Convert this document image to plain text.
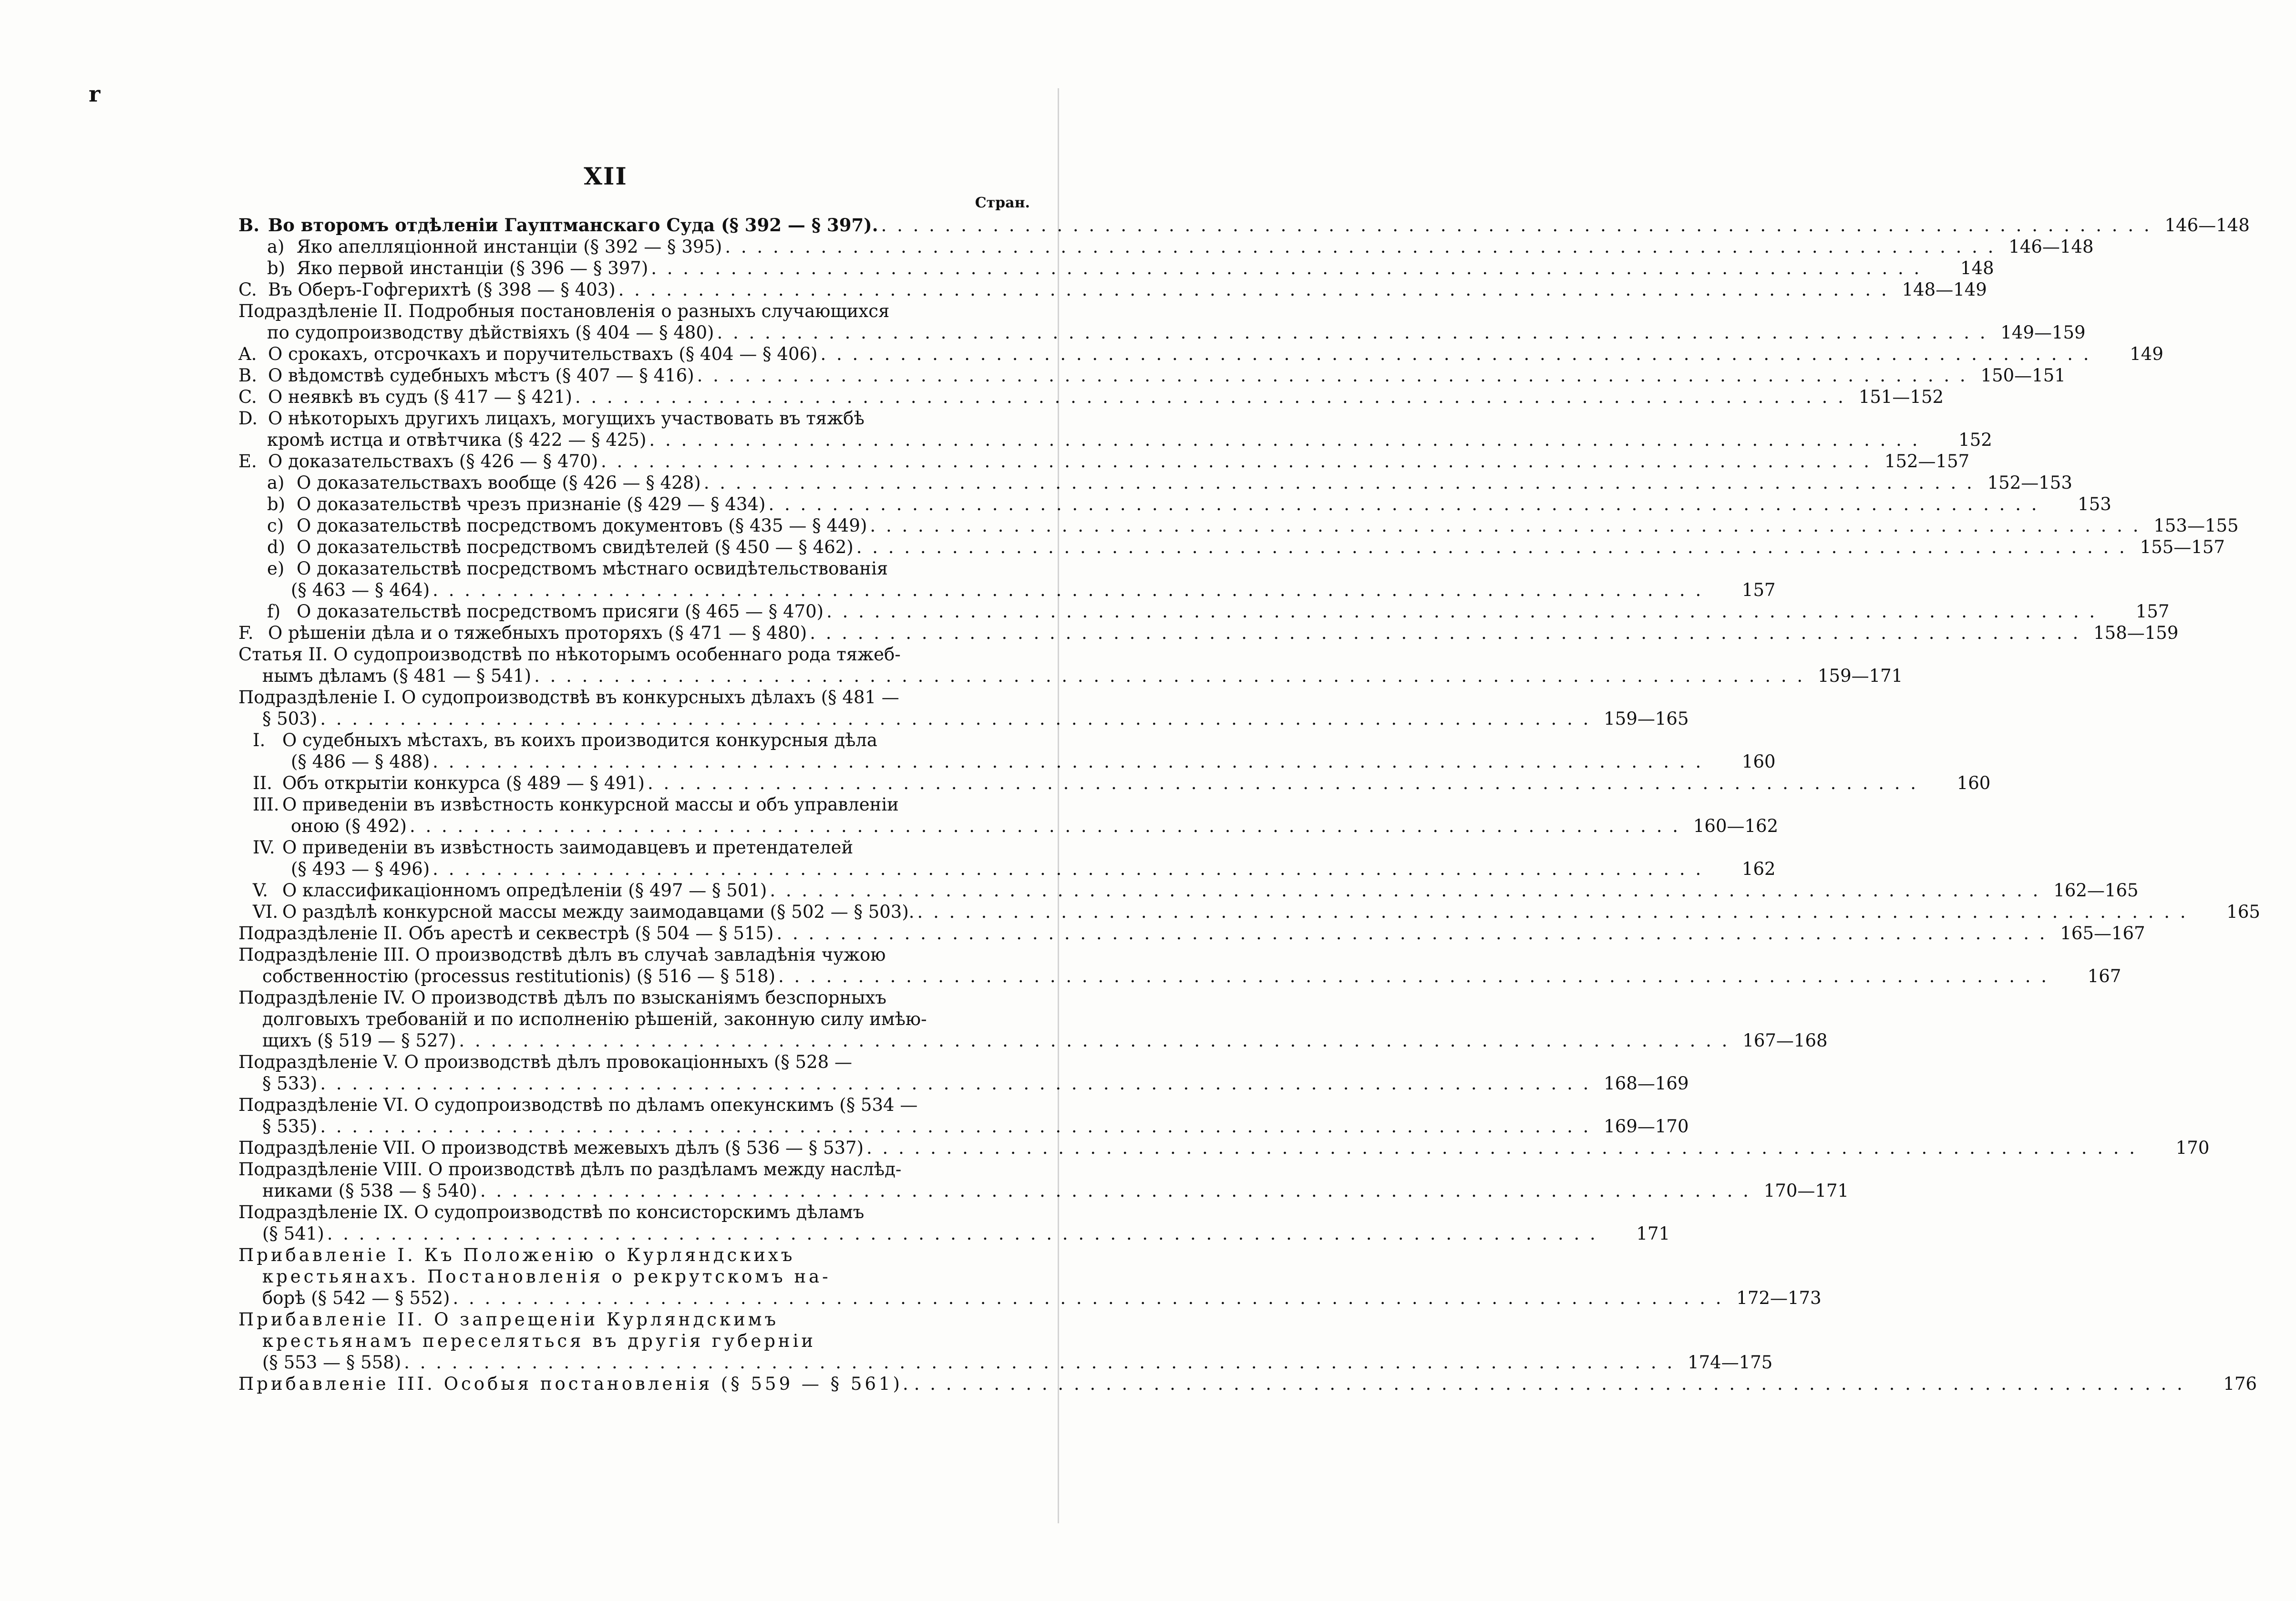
r
XII
Стран.
B. Во второмъ отдѣленіи Гауптманскаго Суда (§ 392 — § 397). . . . . . . . . . . . . . . . . . . . . . . . . . . . . . . . . . . . . . . . . . . . . . . . . . . . . . . . . . . . . . . . . . . . . . . . . . . . . . . . . 146—148
a) Яко апелляціонной инстанціи (§ 392 — § 395) . . . . . . . . . . . . . . . . . . . . . . . . . . . . . . . . . . . . . . . . . . . . . . . . . . . . . . . . . . . . . . . . . . . . . . . . . . . . . . . . 146—148
b) Яко первой инстанціи (§ 396 — § 397) . . . . . . . . . . . . . . . . . . . . . . . . . . . . . . . . . . . . . . . . . . . . . . . . . . . . . . . . . . . . . . . . . . . . . . . . . . . . . . . .	148
C. Въ Оберъ-Гофгерихтѣ (§ 398 — § 403) . . . . . . . . . . . . . . . . . . . . . . . . . . . . . . . . . . . . . . . . . . . . . . . . . . . . . . . . . . . . . . . . . . . . . . . . . . . . . . . . 148—149
Подраздѣленіе II. Подробныя постановленія о разныхъ случающихся
по судопроизводству дѣйствіяхъ (§ 404 — § 480) . . . . . . . . . . . . . . . . . . . . . . . . . . . . . . . . . . . . . . . . . . . . . . . . . . . . . . . . . . . . . . . . . . . . . . . . . . . . . . . . 149—159
A. О срокахъ, отсрочкахъ и поручительствахъ (§ 404 — § 406) . . . . . . . . . . . . . . . . . . . . . . . . . . . . . . . . . . . . . . . . . . . . . . . . . . . . . . . . . . . . . . . . . . . . . . . . . . . . . . . .	149
B. О вѣдомствѣ судебныхъ мѣстъ (§ 407 — § 416) . . . . . . . . . . . . . . . . . . . . . . . . . . . . . . . . . . . . . . . . . . . . . . . . . . . . . . . . . . . . . . . . . . . . . . . . . . . . . . . . 150—151
C. О неявкѣ въ судъ (§ 417 — § 421) . . . . . . . . . . . . . . . . . . . . . . . . . . . . . . . . . . . . . . . . . . . . . . . . . . . . . . . . . . . . . . . . . . . . . . . . . . . . . . . . 151—152
D. О нѣкоторыхъ другихъ лицахъ, могущихъ участвовать въ тяжбѣ
кромѣ истца и отвѣтчика (§ 422 — § 425) . . . . . . . . . . . . . . . . . . . . . . . . . . . . . . . . . . . . . . . . . . . . . . . . . . . . . . . . . . . . . . . . . . . . . . . . . . . . . . . .	152
E. О доказательствахъ (§ 426 — § 470) . . . . . . . . . . . . . . . . . . . . . . . . . . . . . . . . . . . . . . . . . . . . . . . . . . . . . . . . . . . . . . . . . . . . . . . . . . . . . . . . 152—157
a) О доказательствахъ вообще (§ 426 — § 428) . . . . . . . . . . . . . . . . . . . . . . . . . . . . . . . . . . . . . . . . . . . . . . . . . . . . . . . . . . . . . . . . . . . . . . . . . . . . . . . . 152—153
b) О доказательствѣ чрезъ признаніе (§ 429 — § 434) . . . . . . . . . . . . . . . . . . . . . . . . . . . . . . . . . . . . . . . . . . . . . . . . . . . . . . . . . . . . . . . . . . . . . . . . . . . . . . . .	153
c) О доказательствѣ посредствомъ документовъ (§ 435 — § 449) . . . . . . . . . . . . . . . . . . . . . . . . . . . . . . . . . . . . . . . . . . . . . . . . . . . . . . . . . . . . . . . . . . . . . . . . . . . . . . . . 153—155
d) О доказательствѣ посредствомъ свидѣтелей (§ 450 — § 462) . . . . . . . . . . . . . . . . . . . . . . . . . . . . . . . . . . . . . . . . . . . . . . . . . . . . . . . . . . . . . . . . . . . . . . . . . . . . . . . . 155—157
e) О доказательствѣ посредствомъ мѣстнаго освидѣтельствованія
(§ 463 — § 464) . . . . . . . . . . . . . . . . . . . . . . . . . . . . . . . . . . . . . . . . . . . . . . . . . . . . . . . . . . . . . . . . . . . . . . . . . . . . . . . .	157
f) О доказательствѣ посредствомъ присяги (§ 465 — § 470) . . . . . . . . . . . . . . . . . . . . . . . . . . . . . . . . . . . . . . . . . . . . . . . . . . . . . . . . . . . . . . . . . . . . . . . . . . . . . . . .	157
F. О рѣшеніи дѣла и о тяжебныхъ проторяхъ (§ 471 — § 480) . . . . . . . . . . . . . . . . . . . . . . . . . . . . . . . . . . . . . . . . . . . . . . . . . . . . . . . . . . . . . . . . . . . . . . . . . . . . . . . . 158—159
Статья II. О судопроизводствѣ по нѣкоторымъ особеннаго рода тяжеб-
нымъ дѣламъ (§ 481 — § 541) . . . . . . . . . . . . . . . . . . . . . . . . . . . . . . . . . . . . . . . . . . . . . . . . . . . . . . . . . . . . . . . . . . . . . . . . . . . . . . . . 159—171
Подраздѣленіе I. О судопроизводствѣ въ конкурсныхъ дѣлахъ (§ 481 —
§ 503) . . . . . . . . . . . . . . . . . . . . . . . . . . . . . . . . . . . . . . . . . . . . . . . . . . . . . . . . . . . . . . . . . . . . . . . . . . . . . . . . 159—165
I. О судебныхъ мѣстахъ, въ коихъ производится конкурсныя дѣла
(§ 486 — § 488) . . . . . . . . . . . . . . . . . . . . . . . . . . . . . . . . . . . . . . . . . . . . . . . . . . . . . . . . . . . . . . . . . . . . . . . . . . . . . . . .	160
II. Объ открытіи конкурса (§ 489 — § 491) . . . . . . . . . . . . . . . . . . . . . . . . . . . . . . . . . . . . . . . . . . . . . . . . . . . . . . . . . . . . . . . . . . . . . . . . . . . . . . . .	160
III. О приведеніи въ извѣстность конкурсной массы и объ управленіи
оною (§ 492) . . . . . . . . . . . . . . . . . . . . . . . . . . . . . . . . . . . . . . . . . . . . . . . . . . . . . . . . . . . . . . . . . . . . . . . . . . . . . . . . 160—162
IV. О приведеніи въ извѣстность заимодавцевъ и претендателей
(§ 493 — § 496) . . . . . . . . . . . . . . . . . . . . . . . . . . . . . . . . . . . . . . . . . . . . . . . . . . . . . . . . . . . . . . . . . . . . . . . . . . . . . . . .	162
V. О классификаціонномъ опредѣленіи (§ 497 — § 501) . . . . . . . . . . . . . . . . . . . . . . . . . . . . . . . . . . . . . . . . . . . . . . . . . . . . . . . . . . . . . . . . . . . . . . . . . . . . . . . . 162—165
VI. О раздѣлѣ конкурсной массы между заимодавцами (§ 502 — § 503). . . . . . . . . . . . . . . . . . . . . . . . . . . . . . . . . . . . . . . . . . . . . . . . . . . . . . . . . . . . . . . . . . . . . . . . . . . . . . . . .	165
Подраздѣленіе II. Объ арестѣ и секвестрѣ (§ 504 — § 515) . . . . . . . . . . . . . . . . . . . . . . . . . . . . . . . . . . . . . . . . . . . . . . . . . . . . . . . . . . . . . . . . . . . . . . . . . . . . . . . . 165—167
Подраздѣленіе III. О производствѣ дѣлъ въ случаѣ завладѣнія чужою
собственностію (processus restitutionis) (§ 516 — § 518) . . . . . . . . . . . . . . . . . . . . . . . . . . . . . . . . . . . . . . . . . . . . . . . . . . . . . . . . . . . . . . . . . . . . . . . . . . . . . . . .	167
Подраздѣленіе IV. О производствѣ дѣлъ по взысканіямъ безспорныхъ
долговыхъ требованій и по исполненію рѣшеній, законную силу имѣю-
щихъ (§ 519 — § 527) . . . . . . . . . . . . . . . . . . . . . . . . . . . . . . . . . . . . . . . . . . . . . . . . . . . . . . . . . . . . . . . . . . . . . . . . . . . . . . . . 167—168
Подраздѣленіе V. О производствѣ дѣлъ провокаціонныхъ (§ 528 —
§ 533) . . . . . . . . . . . . . . . . . . . . . . . . . . . . . . . . . . . . . . . . . . . . . . . . . . . . . . . . . . . . . . . . . . . . . . . . . . . . . . . . 168—169
Подраздѣленіе VI. О судопроизводствѣ по дѣламъ опекунскимъ (§ 534 —
§ 535) . . . . . . . . . . . . . . . . . . . . . . . . . . . . . . . . . . . . . . . . . . . . . . . . . . . . . . . . . . . . . . . . . . . . . . . . . . . . . . . . 169—170
Подраздѣленіе VII. О производствѣ межевыхъ дѣлъ (§ 536 — § 537) . . . . . . . . . . . . . . . . . . . . . . . . . . . . . . . . . . . . . . . . . . . . . . . . . . . . . . . . . . . . . . . . . . . . . . . . . . . . . . . .	170
Подраздѣленіе VIII. О производствѣ дѣлъ по раздѣламъ между наслѣд-
никами (§ 538 — § 540) . . . . . . . . . . . . . . . . . . . . . . . . . . . . . . . . . . . . . . . . . . . . . . . . . . . . . . . . . . . . . . . . . . . . . . . . . . . . . . . . 170—171
Подраздѣленіе IX. О судопроизводствѣ по консисторскимъ дѣламъ
(§ 541) . . . . . . . . . . . . . . . . . . . . . . . . . . . . . . . . . . . . . . . . . . . . . . . . . . . . . . . . . . . . . . . . . . . . . . . . . . . . . . . .	171
Прибавленіе I. Къ Положенію о Курляндскихъ
крестьянахъ. Постановленія о рекрутскомъ на-
борѣ (§ 542 — § 552) . . . . . . . . . . . . . . . . . . . . . . . . . . . . . . . . . . . . . . . . . . . . . . . . . . . . . . . . . . . . . . . . . . . . . . . . . . . . . . . . 172—173
Прибавленіе II. О запрещеніи Курляндскимъ
крестьянамъ переселяться въ другія губерніи
(§ 553 — § 558) . . . . . . . . . . . . . . . . . . . . . . . . . . . . . . . . . . . . . . . . . . . . . . . . . . . . . . . . . . . . . . . . . . . . . . . . . . . . . . . . 174—175
Прибавленіе III. Особыя постановленія (§ 559 — § 561). . . . . . . . . . . . . . . . . . . . . . . . . . . . . . . . . . . . . . . . . . . . . . . . . . . . . . . . . . . . . . . . . . . . . . . . . . . . . . . . .	176
